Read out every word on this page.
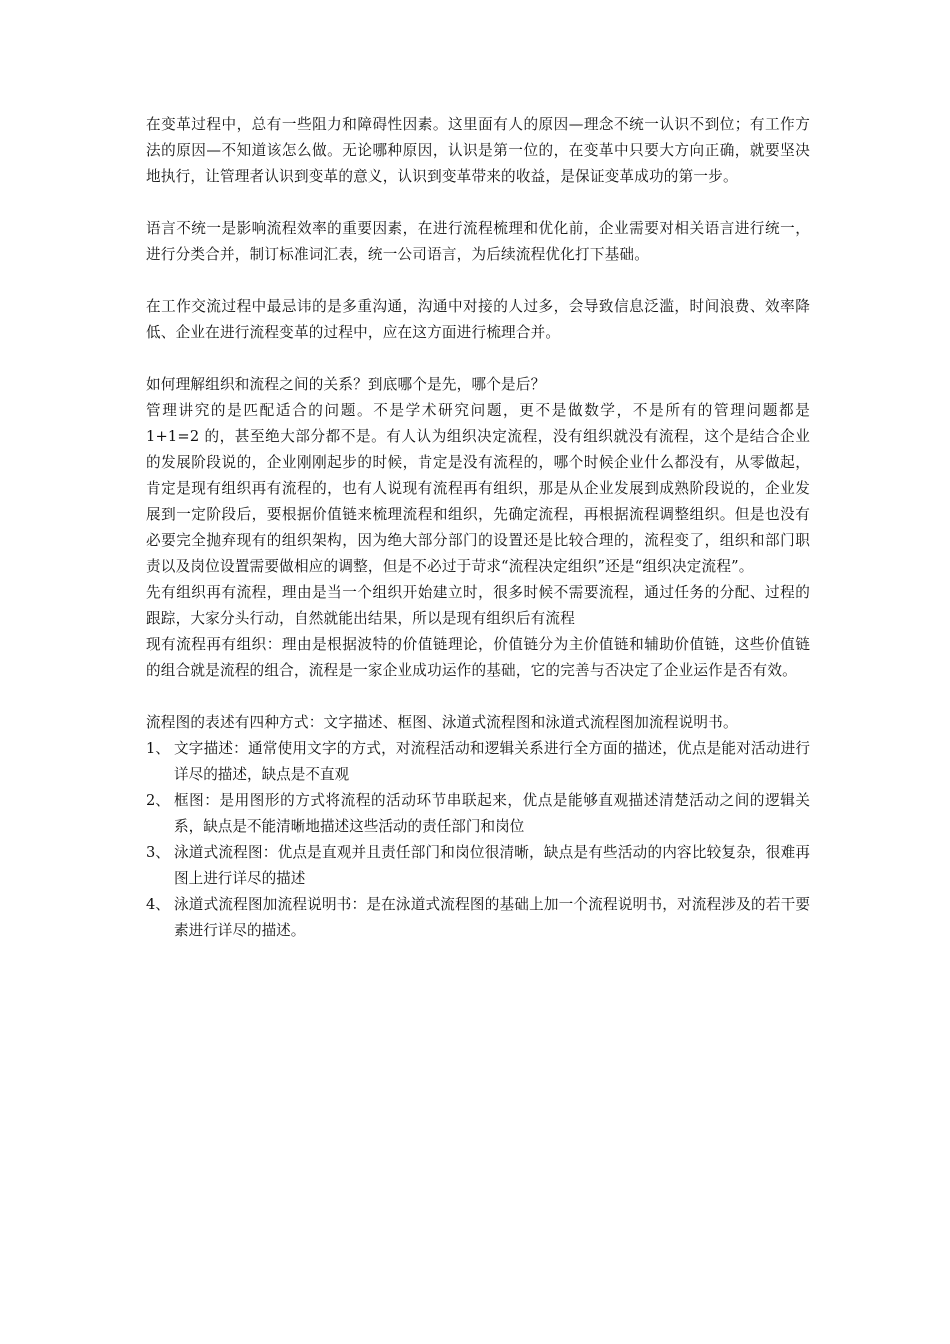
在变革过程中，总有一些阻力和障碍性因素。这里面有人的原因—理念不统一认识不到位；有工作方法的原因—不知道该怎么做。无论哪种原因，认识是第一位的，在变革中只要大方向正确，就要坚决地执行，让管理者认识到变革的意义，认识到变革带来的收益，是保证变革成功的第一步。

语言不统一是影响流程效率的重要因素，在进行流程梳理和优化前，企业需要对相关语言进行统一，进行分类合并，制订标准词汇表，统一公司语言，为后续流程优化打下基础。

在工作交流过程中最忌讳的是多重沟通，沟通中对接的人过多，会导致信息泛滥，时间浪费、效率降低、企业在进行流程变革的过程中，应在这方面进行梳理合并。

如何理解组织和流程之间的关系？到底哪个是先，哪个是后？

管理讲究的是匹配适合的问题。不是学术研究问题，更不是做数学，不是所有的管理问题都是 1+1=2 的，甚至绝大部分都不是。有人认为组织决定流程，没有组织就没有流程，这个是结合企业的发展阶段说的，企业刚刚起步的时候，肯定是没有流程的，哪个时候企业什么都没有，从零做起，肯定是现有组织再有流程的，也有人说现有流程再有组织，那是从企业发展到成熟阶段说的，企业发展到一定阶段后，要根据价值链来梳理流程和组织，先确定流程，再根据流程调整组织。但是也没有必要完全抛弃现有的组织架构，因为绝大部分部门的设置还是比较合理的，流程变了，组织和部门职责以及岗位设置需要做相应的调整，但是不必过于苛求“流程决定组织”还是“组织决定流程”。

先有组织再有流程，理由是当一个组织开始建立时，很多时候不需要流程，通过任务的分配、过程的跟踪，大家分头行动，自然就能出结果，所以是现有组织后有流程

现有流程再有组织：理由是根据波特的价值链理论，价值链分为主价值链和辅助价值链，这些价值链的组合就是流程的组合，流程是一家企业成功运作的基础，它的完善与否决定了企业运作是否有效。

流程图的表述有四种方式：文字描述、框图、泳道式流程图和泳道式流程图加流程说明书。

1、 文字描述：通常使用文字的方式，对流程活动和逻辑关系进行全方面的描述，优点是能对活动进行详尽的描述，缺点是不直观
2、 框图：是用图形的方式将流程的活动环节串联起来，优点是能够直观描述清楚活动之间的逻辑关系，缺点是不能清晰地描述这些活动的责任部门和岗位
3、 泳道式流程图：优点是直观并且责任部门和岗位很清晰，缺点是有些活动的内容比较复杂，很难再图上进行详尽的描述
4、 泳道式流程图加流程说明书：是在泳道式流程图的基础上加一个流程说明书，对流程涉及的若干要素进行详尽的描述。
